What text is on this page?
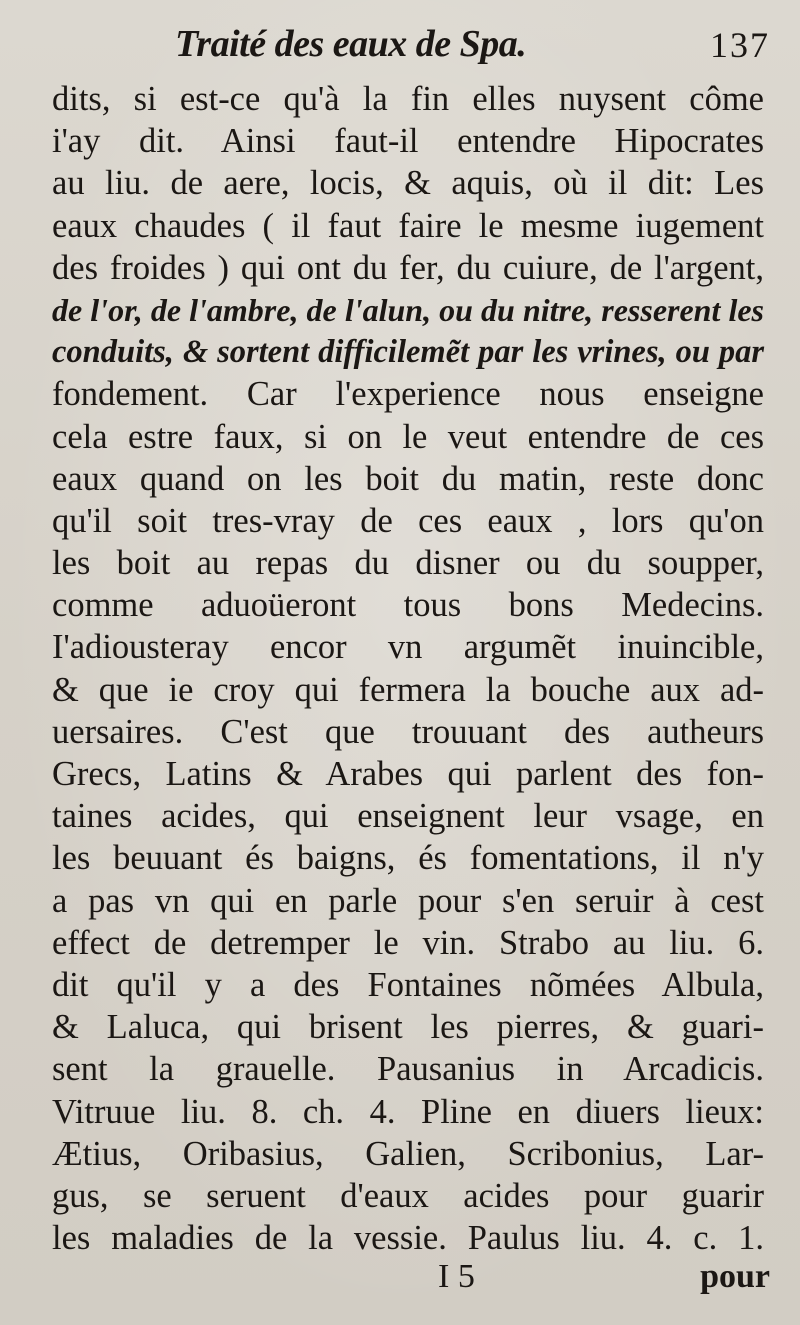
Traité des eaux de Spa.	137
dits, si est-ce qu'à la fin elles nuysent côme
i'ay dit. Ainsi faut-il entendre Hipocrates
au liu. de aere, locis, & aquis, où il dit: Les
eaux chaudes ( il faut faire le mesme iugement
des froides ) qui ont du fer, du cuiure, de l'argent,
de l'or, de l'ambre, de l'alun, ou du nitre, resserent les
conduits, & sortent difficilemẽt par les vrines, ou par
fondement. Car l'experience nous enseigne
cela estre faux, si on le veut entendre de ces
eaux quand on les boit du matin, reste donc
qu'il soit tres-vray de ces eaux , lors qu'on
les boit au repas du disner ou du soupper,
comme aduoüeront tous bons Medecins.
I'adiousteray encor vn argumẽt inuincible,
& que ie croy qui fermera la bouche aux ad-
uersaires. C'est que trouuant des autheurs
Grecs, Latins & Arabes qui parlent des fon-
taines acides, qui enseignent leur vsage, en
les beuuant és baigns, és fomentations, il n'y
a pas vn qui en parle pour s'en seruir à cest
effect de detremper le vin. Strabo au liu. 6.
dit qu'il y a des Fontaines nõmées Albula,
& Laluca, qui brisent les pierres, & guari-
sent la grauelle. Pausanius in Arcadicis.
Vitruue liu. 8. ch. 4. Pline en diuers lieux:
Ætius, Oribasius, Galien, Scribonius, Lar-
gus, se seruent d'eaux acides pour guarir
les maladies de la vessie. Paulus liu. 4. c. 1.
I 5	pour
